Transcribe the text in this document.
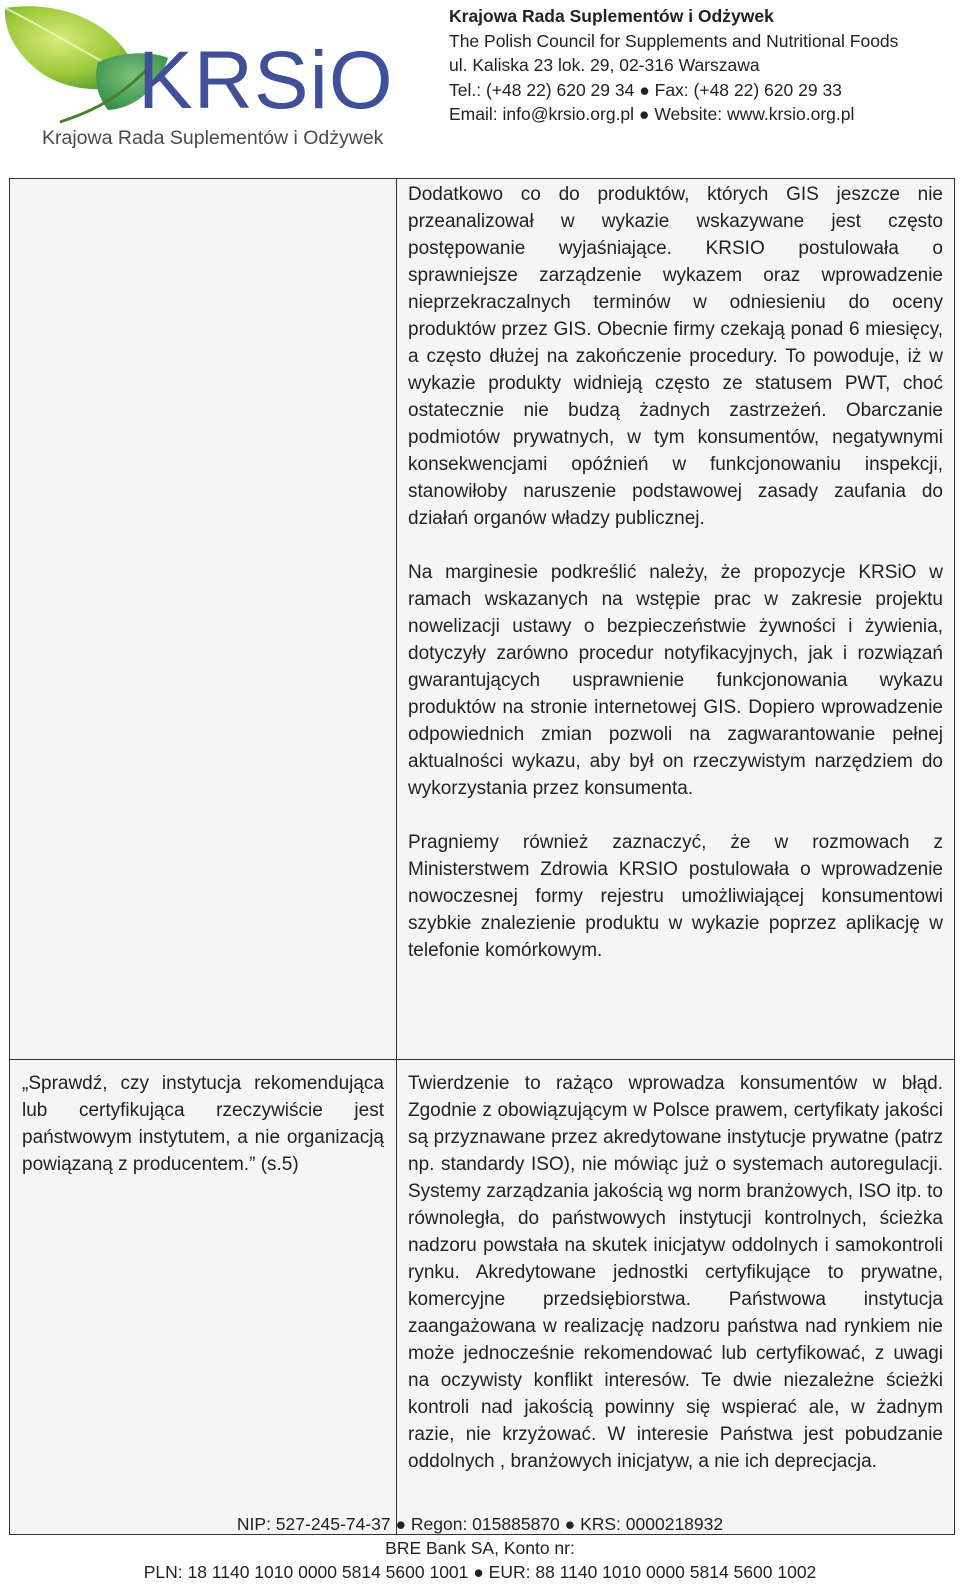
KRSiO
Krajowa Rada Suplementów i Odżywek
Krajowa Rada Suplementów i Odżywek
The Polish Council for Supplements and Nutritional Foods
ul. Kaliska 23 lok. 29, 02-316 Warszawa
Tel.: (+48 22) 620 29 34 ● Fax: (+48 22) 620 29 33
Email: info@krsio.org.pl ● Website: www.krsio.org.pl

	Dodatkowo co do produktów, których GIS jeszcze nie przeanalizował w wykazie wskazywane jest często postępowanie wyjaśniające. KRSIO postulowała o sprawniejsze zarządzenie wykazem oraz wprowadzenie nieprzekraczalnych terminów w odniesieniu do oceny produktów przez GIS. Obecnie firmy czekają ponad 6 miesięcy, a często dłużej na zakończenie procedury. To powoduje, iż w wykazie produkty widnieją często ze statusem PWT, choć ostatecznie nie budzą żadnych zastrzeżeń. Obarczanie podmiotów prywatnych, w tym konsumentów, negatywnymi konsekwencjami opóźnień w funkcjonowaniu inspekcji, stanowiłoby naruszenie podstawowej zasady zaufania do działań organów władzy publicznej.

Na marginesie podkreślić należy, że propozycje KRSiO w ramach wskazanych na wstępie prac w zakresie projektu nowelizacji ustawy o bezpieczeństwie żywności i żywienia, dotyczyły zarówno procedur notyfikacyjnych, jak i rozwiązań gwarantujących usprawnienie funkcjonowania wykazu produktów na stronie internetowej GIS. Dopiero wprowadzenie odpowiednich zmian pozwoli na zagwarantowanie pełnej aktualności wykazu, aby był on rzeczywistym narzędziem do wykorzystania przez konsumenta.

Pragniemy również zaznaczyć, że w rozmowach z Ministerstwem Zdrowia KRSIO postulowała o wprowadzenie nowoczesnej formy rejestru umożliwiającej konsumentowi szybkie znalezienie produktu w wykazie poprzez aplikację w telefonie komórkowym.

„Sprawdź, czy instytucja rekomendująca lub certyfikująca rzeczywiście jest państwowym instytutem, a nie organizacją powiązaną z producentem.” (s.5)	Twierdzenie to rażąco wprowadza konsumentów w błąd. Zgodnie z obowiązującym w Polsce prawem, certyfikaty jakości są przyznawane przez akredytowane instytucje prywatne (patrz np. standardy ISO), nie mówiąc już o systemach autoregulacji. Systemy zarządzania jakością wg norm branżowych, ISO itp. to równoległa, do państwowych instytucji kontrolnych, ścieżka nadzoru powstała na skutek inicjatyw oddolnych i samokontroli rynku. Akredytowane jednostki certyfikujące to prywatne, komercyjne przedsiębiorstwa. Państwowa instytucja zaangażowana w realizację nadzoru państwa nad rynkiem nie może jednocześnie rekomendować lub certyfikować, z uwagi na oczywisty konflikt interesów. Te dwie niezależne ścieżki kontroli nad jakością powinny się wspierać ale, w żadnym razie, nie krzyżować. W interesie Państwa jest pobudzanie oddolnych , branżowych inicjatyw, a nie ich deprecjacja.

NIP: 527-245-74-37 ● Regon: 015885870 ● KRS: 0000218932
BRE Bank SA, Konto nr:
PLN: 18 1140 1010 0000 5814 5600 1001 ● EUR: 88 1140 1010 0000 5814 5600 1002
